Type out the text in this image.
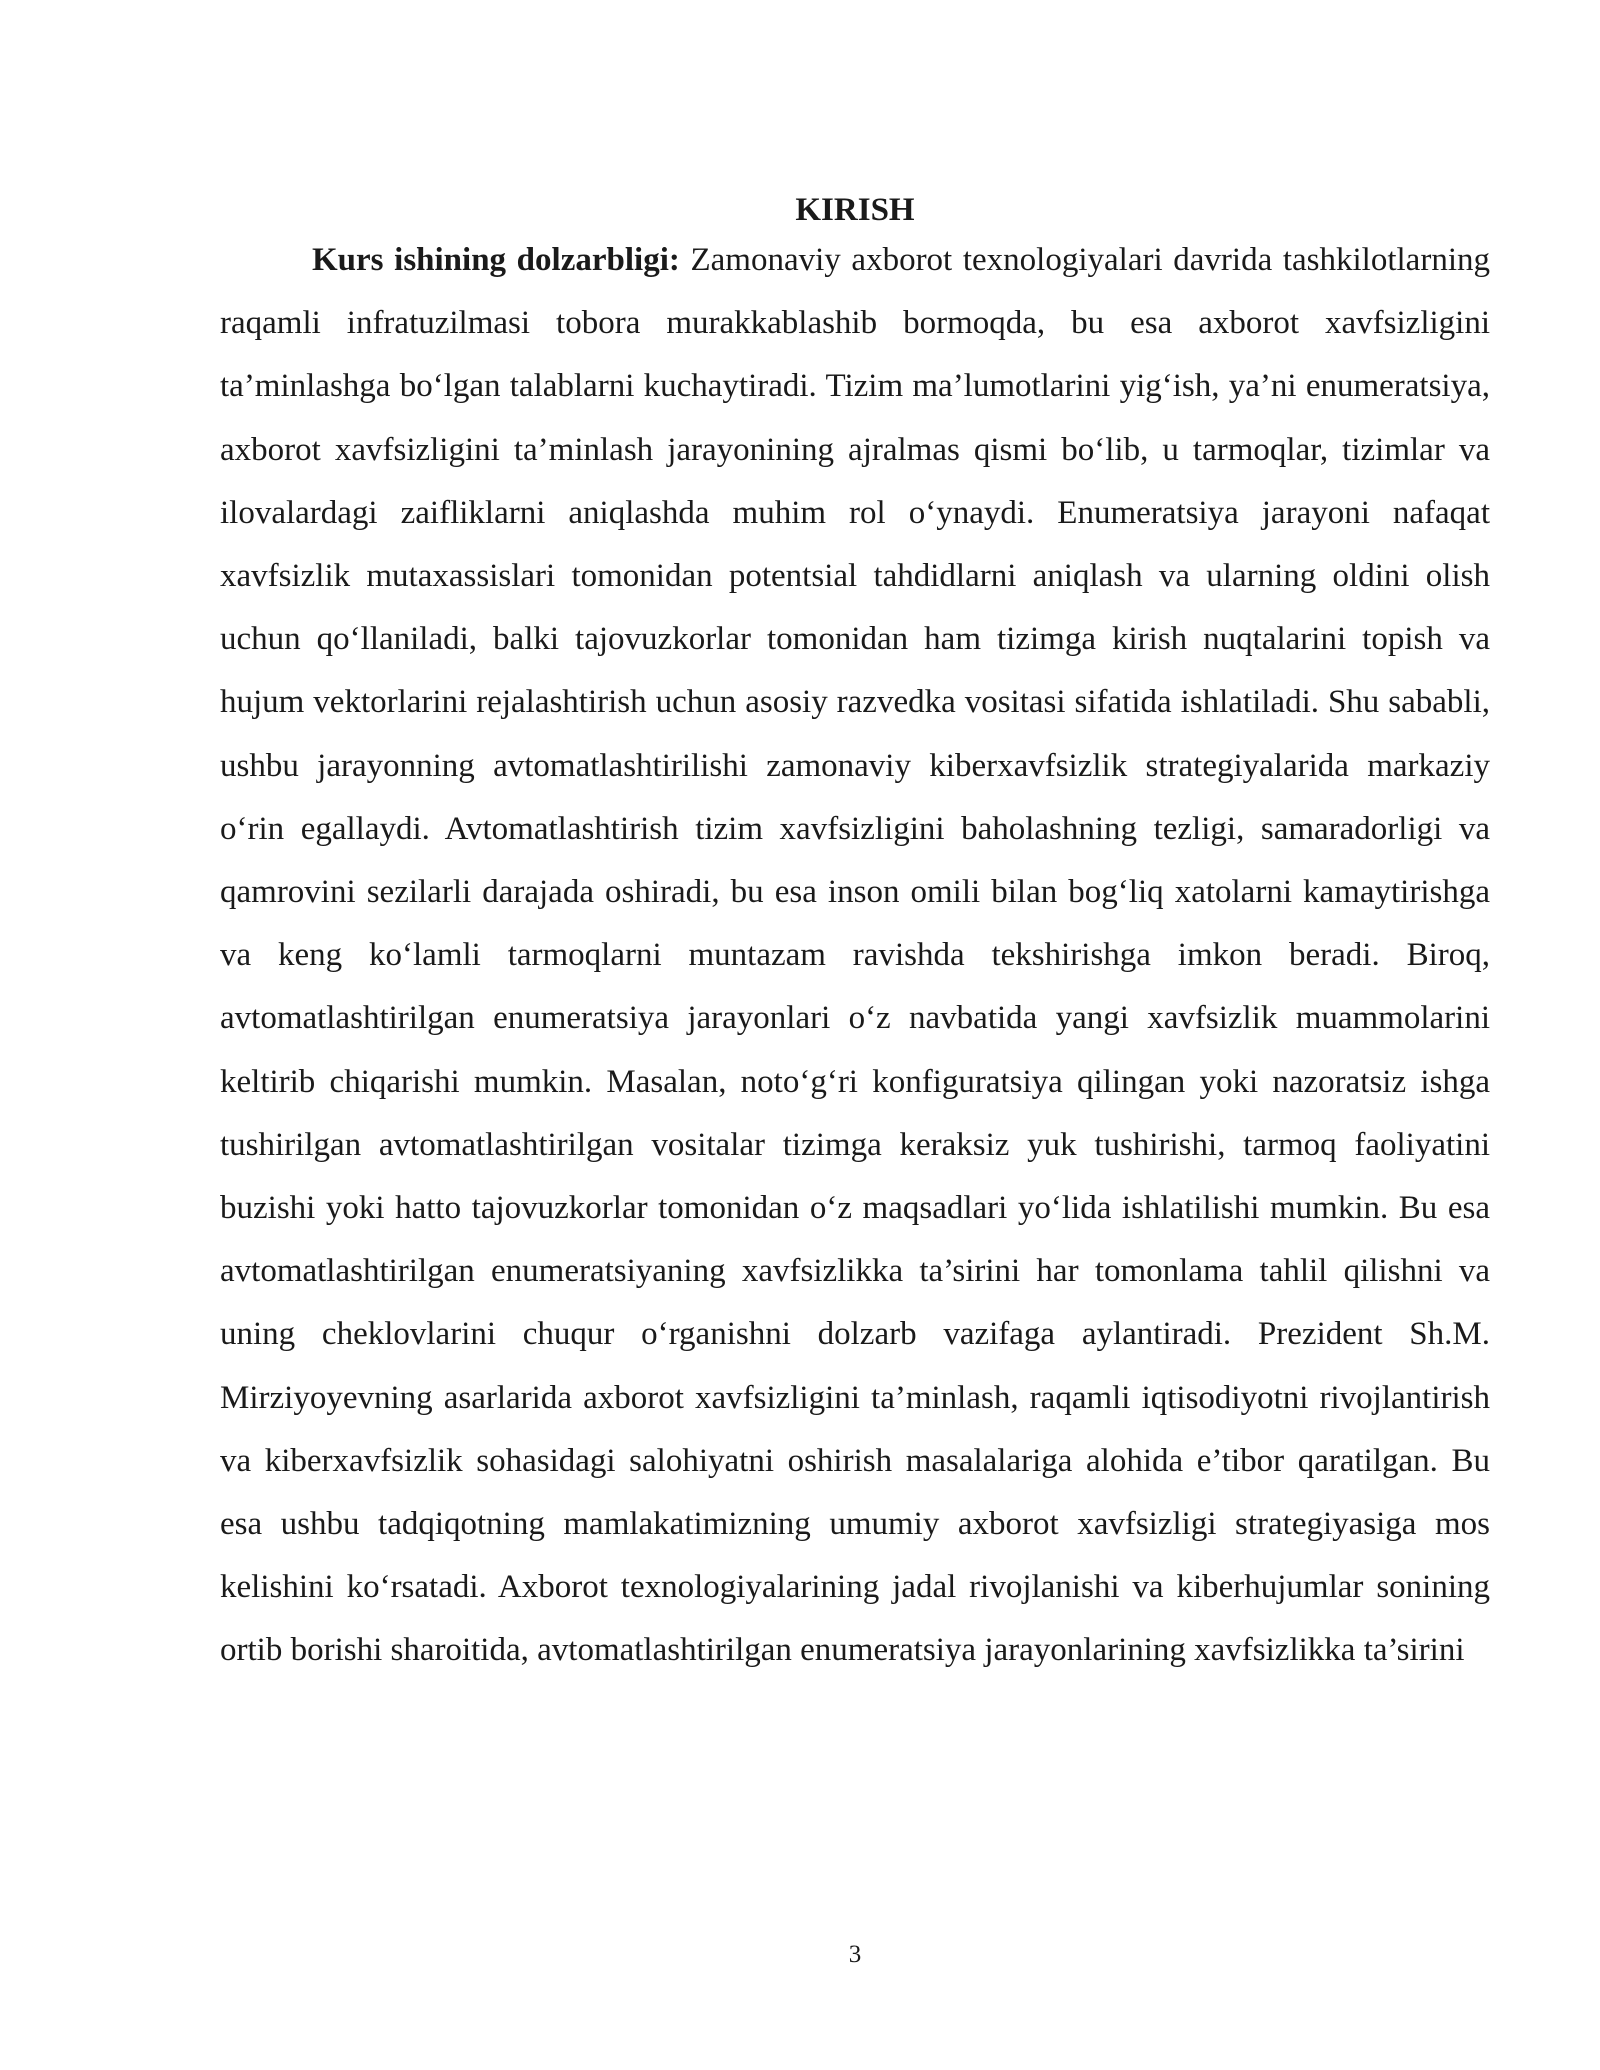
KIRISH

Kurs ishining dolzarbligi: Zamonaviy axborot texnologiyalari davrida tashkilotlarning raqamli infratuzilmasi tobora murakkablashib bormoqda, bu esa axborot xavfsizligini ta’minlashga bo‘lgan talablarni kuchaytiradi. Tizim ma’lumotlarini yig‘ish, ya’ni enumeratsiya, axborot xavfsizligini ta’minlash jarayonining ajralmas qismi bo‘lib, u tarmoqlar, tizimlar va ilovalardagi zaifliklarni aniqlashda muhim rol o‘ynaydi. Enumeratsiya jarayoni nafaqat xavfsizlik mutaxassislari tomonidan potentsial tahdidlarni aniqlash va ularning oldini olish uchun qo‘llaniladi, balki tajovuzkorlar tomonidan ham tizimga kirish nuqtalarini topish va hujum vektorlarini rejalashtirish uchun asosiy razvedka vositasi sifatida ishlatiladi. Shu sababli, ushbu jarayonning avtomatlashtirilishi zamonaviy kiberxavfsizlik strategiyalarida markaziy o‘rin egallaydi. Avtomatlashtirish tizim xavfsizligini baholashning tezligi, samaradorligi va qamrovini sezilarli darajada oshiradi, bu esa inson omili bilan bog‘liq xatolarni kamaytirishga va keng ko‘lamli tarmoqlarni muntazam ravishda tekshirishga imkon beradi. Biroq, avtomatlashtirilgan enumeratsiya jarayonlari o‘z navbatida yangi xavfsizlik muammolarini keltirib chiqarishi mumkin. Masalan, noto‘g‘ri konfiguratsiya qilingan yoki nazoratsiz ishga tushirilgan avtomatlashtirilgan vositalar tizimga keraksiz yuk tushirishi, tarmoq faoliyatini buzishi yoki hatto tajovuzkorlar tomonidan o‘z maqsadlari yo‘lida ishlatilishi mumkin. Bu esa avtomatlashtirilgan enumeratsiyaning xavfsizlikka ta’sirini har tomonlama tahlil qilishni va uning cheklovlarini chuqur o‘rganishni dolzarb vazifaga aylantiradi. Prezident Sh.M. Mirziyoyevning asarlarida axborot xavfsizligini ta’minlash, raqamli iqtisodiyotni rivojlantirish va kiberxavfsizlik sohasidagi salohiyatni oshirish masalalariga alohida e’tibor qaratilgan. Bu esa ushbu tadqiqotning mamlakatimizning umumiy axborot xavfsizligi strategiyasiga mos kelishini ko‘rsatadi. Axborot texnologiyalarining jadal rivojlanishi va kiberhujumlar sonining ortib borishi sharoitida, avtomatlashtirilgan enumeratsiya jarayonlarining xavfsizlikka ta’sirini

3
